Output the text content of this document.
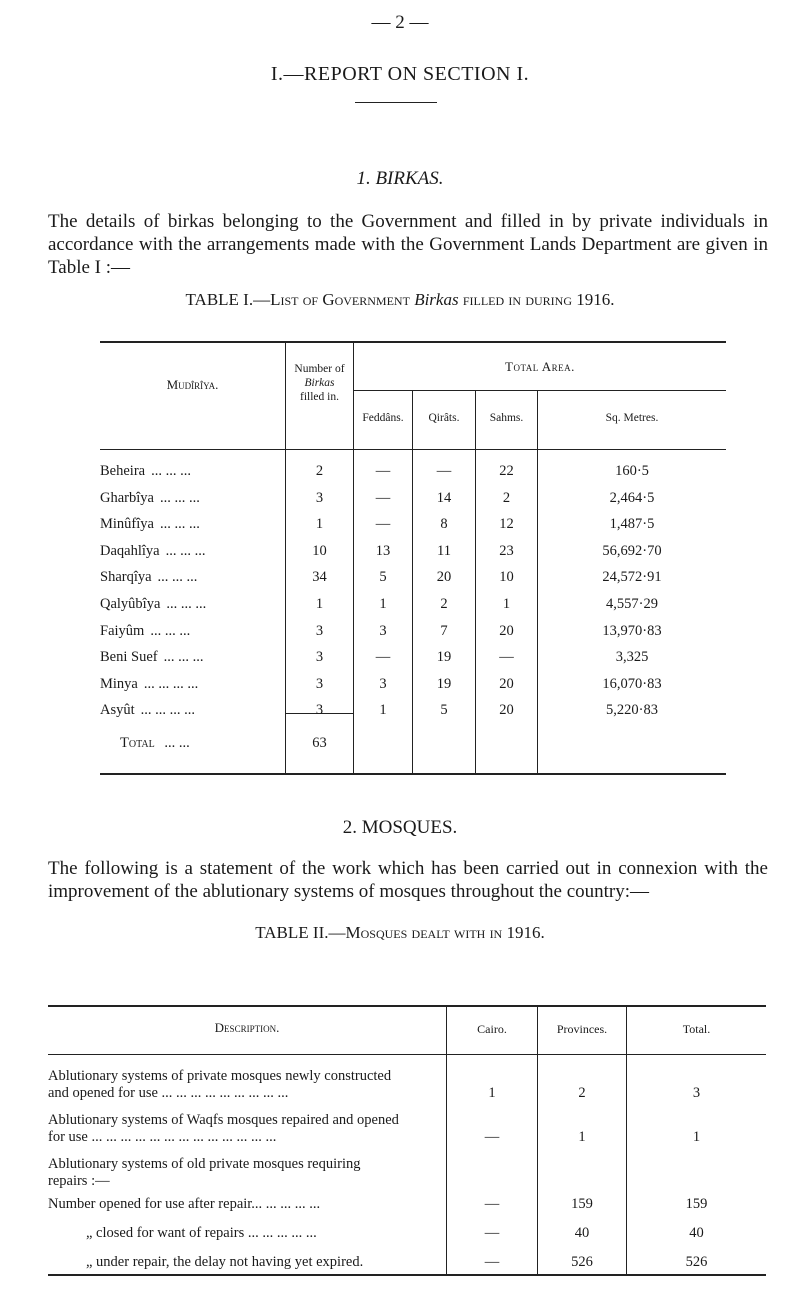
— 2 —
I.—REPORT ON SECTION I.
1. BIRKAS.
The details of birkas belonging to the Government and filled in by private individuals in accordance with the arrangements made with the Government Lands Department are given in Table I :—
TABLE I.—List of Government Birkas filled in during 1916.
Mudîrîya.
Number of
Birkas
filled in.
Total Area.
Feddâns.	Qirâts.	Sahms.	Sq. Metres.
Beheira ... ... ...	2	—	—	22	160·5
Gharbîya ... ... ...	3	—	14	2	2,464·5
Minûfîya ... ... ...	1	—	8	12	1,487·5
Daqahlîya ... ... ...	10	13	11	23	56,692·70
Sharqîya ... ... ...	34	5	20	10	24,572·91
Qalyûbîya ... ... ...	1	1	2	1	4,557·29
Faiyûm ... ... ...	3	3	7	20	13,970·83
Beni Suef ... ... ...	3	—	19	—	3,325
Minya ... ... ... ...	3	3	19	20	16,070·83
Asyût ... ... ... ...	3	1	5	20	5,220·83
Total ... ...	63
2. MOSQUES.
The following is a statement of the work which has been carried out in connexion with the improvement of the ablutionary systems of mosques throughout the country:—
TABLE II.—Mosques dealt with in 1916.
Description.	Cairo.	Provinces.	Total.
Ablutionary systems of private mosques newly constructed
and opened for use ... ... ... ... ... ... ... ... ...	1	2	3
Ablutionary systems of Waqfs mosques repaired and opened
for use ... ... ... ... ... ... ... ... ... ... ... ... ...	—	1	1
Ablutionary systems of old private mosques requiring
repairs :—
Number opened for use after repair... ... ... ... ...	—	159	159
„ closed for want of repairs ... ... ... ... ...	—	40	40
„ under repair, the delay not having yet expired.	—	526	526
